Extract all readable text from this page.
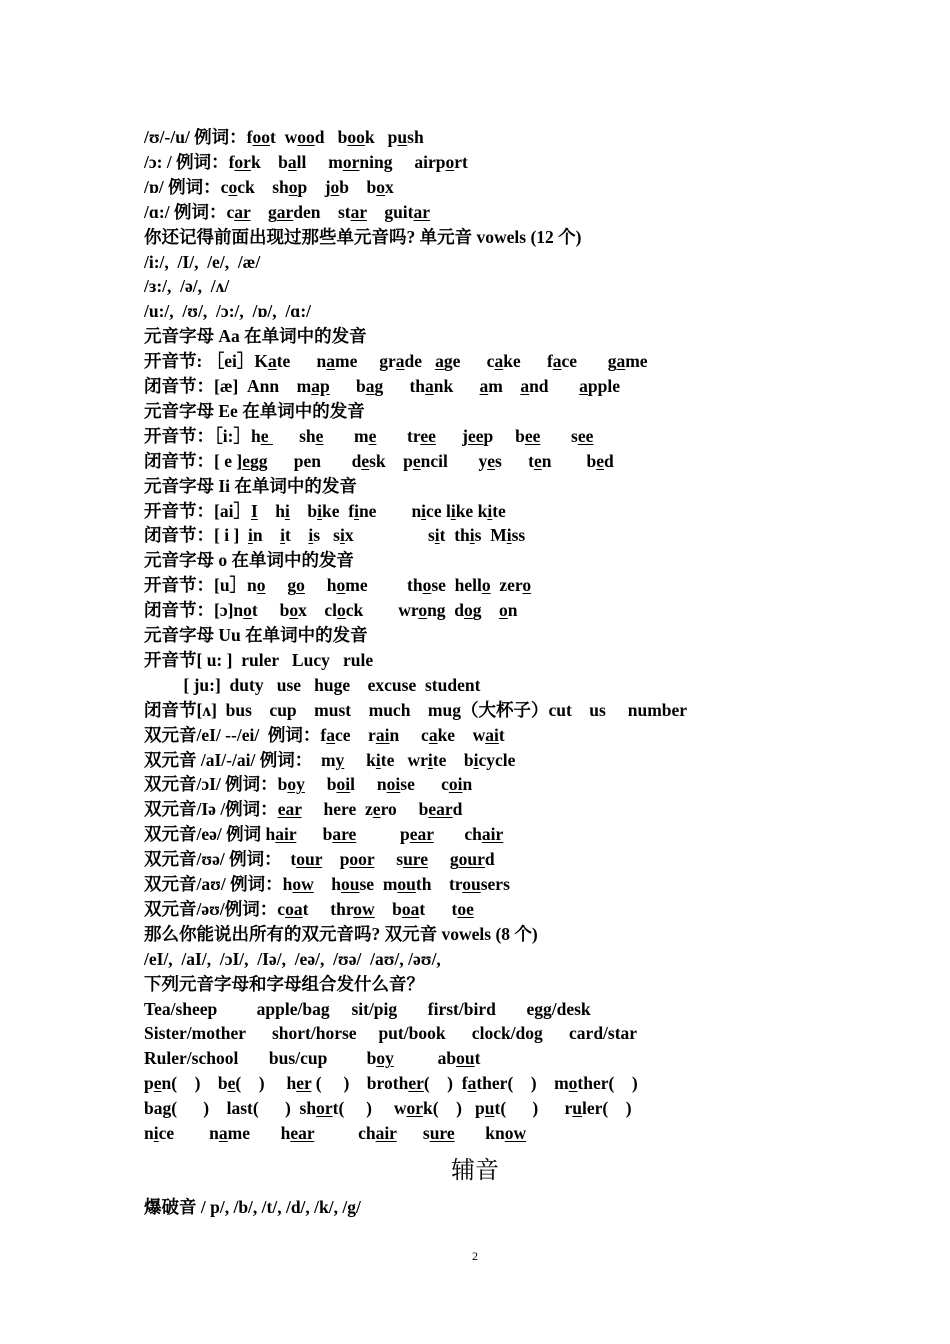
/ʊ/-/u/ 例词：foot  wood   book   push
/ɔ: / 例词：fork    ball     morning     airport
/ɒ/ 例词：cock    shop    job    box
/ɑ:/ 例词：car    garden    star    guitar
你还记得前面出现过那些单元音吗? 单元音 vowels (12 个)
/i:/,  /I/,  /e/,  /æ/
/ɜ:/,  /ə/,  /ʌ/
/u:/,  /ʊ/,  /ɔ:/,  /ɒ/,  /ɑ:/
元音字母 Aa 在单词中的发音
开音节: ［ei］Kate      name     grade   age      cake      face       game
闭音节：[æ]  Ann    map      bag      thank      am    and       apple
元音字母 Ee 在单词中的发音
开音节：［i:］he       she       me       tree      jeep     bee       see
闭音节：[ e ]egg      pen       desk    pencil       yes      ten        bed
元音字母 Ii 在单词中的发音
开音节：[ai］I    hi    bike  fine        nice like kite
闭音节：[ i ]  in    it    is   six                 sit  this  Miss
元音字母 o 在单词中的发音
开音节：[u］no     go     home         those  hello  zero
闭音节：[ɔ]not     box    clock        wrong  dog    on
元音字母 Uu 在单词中的发音
开音节[ u: ]  ruler   Lucy   rule
[ ju:]  duty   use   huge    excuse  student
闭音节[ʌ]  bus    cup    must    much    mug（大杯子）cut    us     number
双元音/eI/ --/ei/  例词：face    rain     cake    wait
双元音 /aI/-/ai/ 例词：  my     kite   write    bicycle
双元音/ɔI/ 例词：boy     boil     noise      coin
双元音/Iə /例词：ear     here  zero     beard
双元音/eə/ 例词 hair      bare          pear       chair
双元音/ʊə/ 例词：  tour    poor     sure     gourd
双元音/aʊ/ 例词：how    house  mouth    trousers
双元音/əʊ/例词：coat     throw    boat      toe
那么你能说出所有的双元音吗? 双元音 vowels (8 个)
/eI/,  /aI/,  /ɔI/,  /Iə/,  /eə/,  /ʊə/  /aʊ/, /əʊ/,
下列元音字母和字母组合发什么音？
Tea/sheep         apple/bag     sit/pig       first/bird       egg/desk
Sister/mother      short/horse     put/book      clock/dog      card/star
Ruler/school       bus/cup         boy          about
pen(    )    be(    )     her (     )    brother(    )  father(    )    mother(    )
bag(      )    last(      )  short(     )     work(    )   put(      )      ruler(    )
nice        name       hear          chair      sure       know
辅音
爆破音 / p/, /b/, /t/, /d/, /k/, /g/
2
